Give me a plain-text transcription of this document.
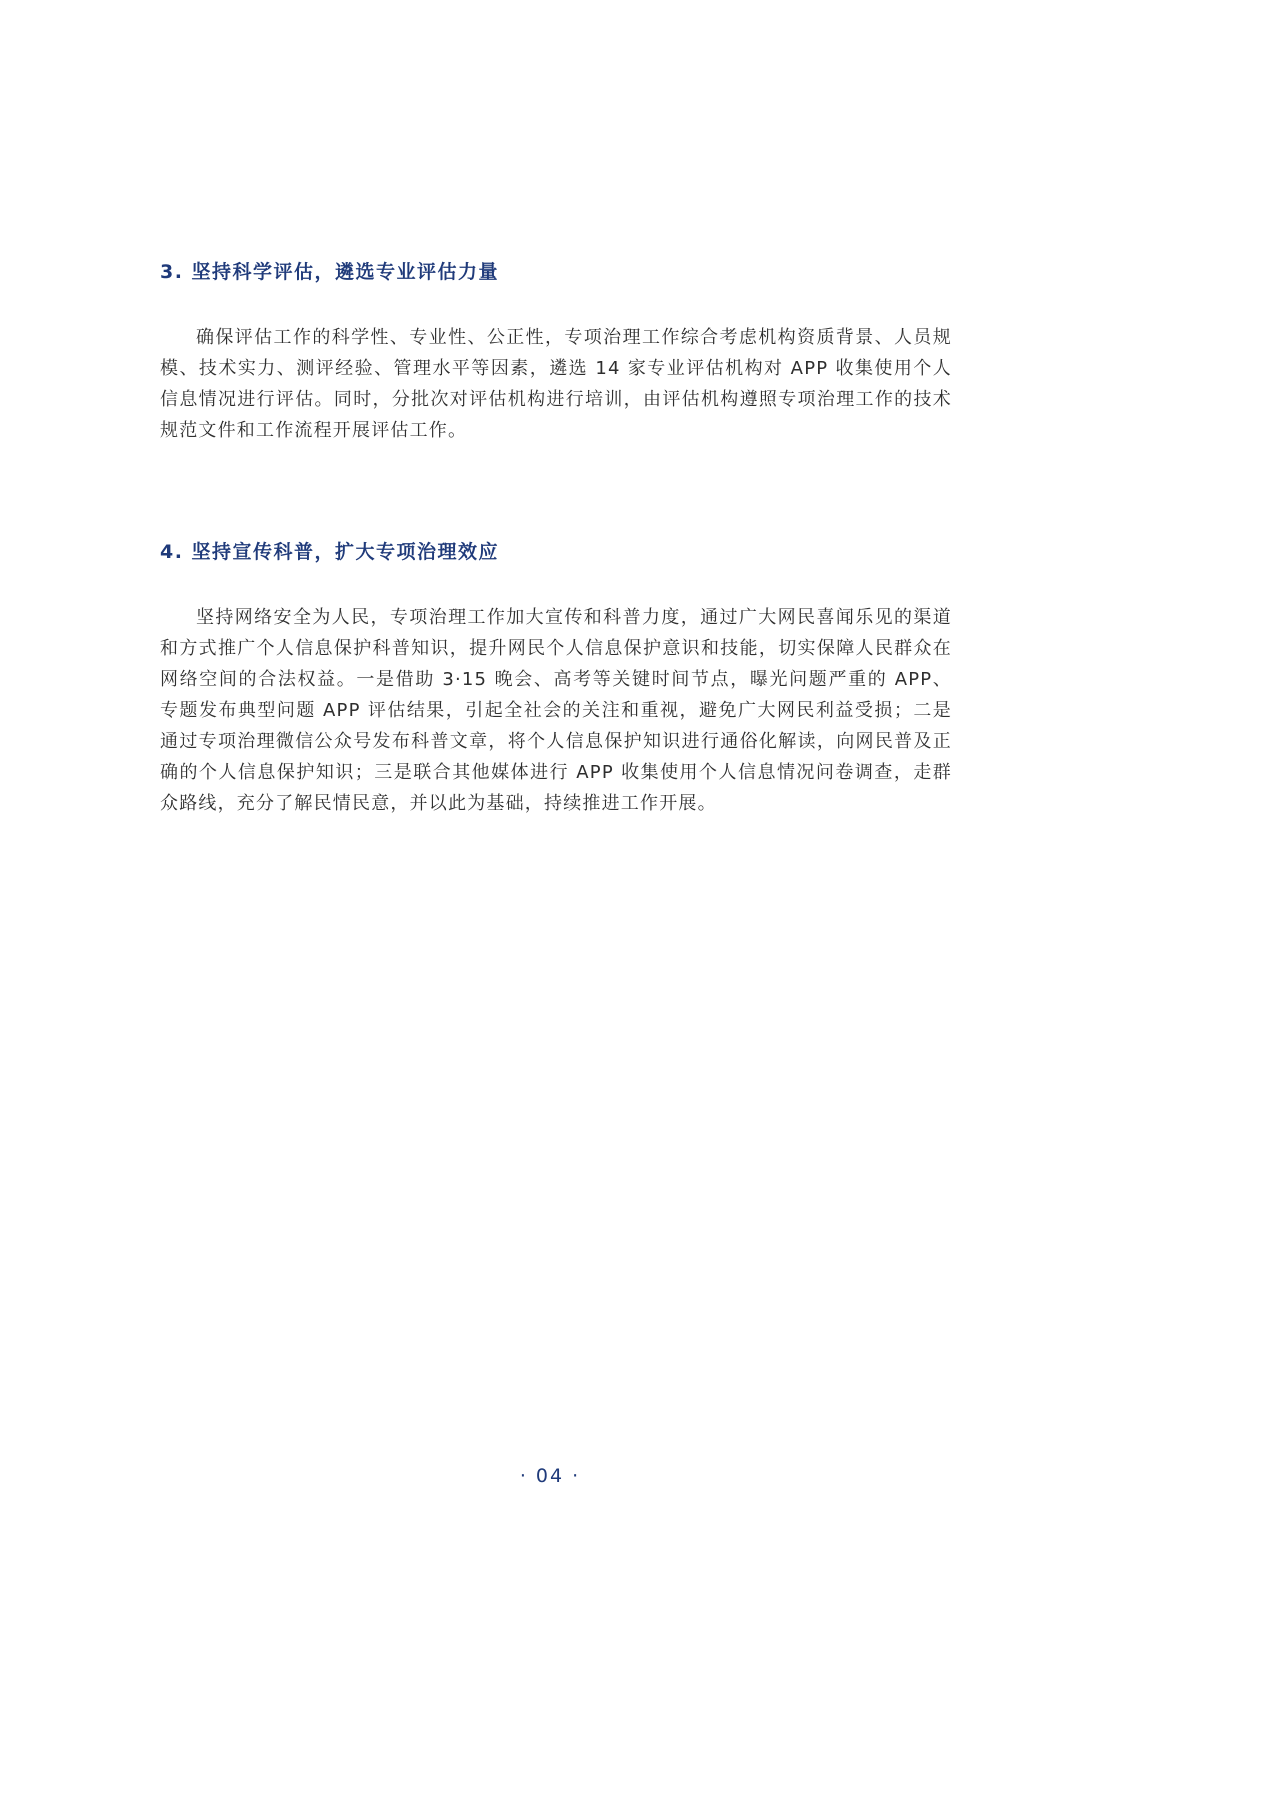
3. 坚持科学评估，遴选专业评估力量

确保评估工作的科学性、专业性、公正性，专项治理工作综合考虑机构资质背景、人员规模、技术实力、测评经验、管理水平等因素，遴选 14 家专业评估机构对 APP 收集使用个人信息情况进行评估。同时，分批次对评估机构进行培训，由评估机构遵照专项治理工作的技术规范文件和工作流程开展评估工作。

4. 坚持宣传科普，扩大专项治理效应

坚持网络安全为人民，专项治理工作加大宣传和科普力度，通过广大网民喜闻乐见的渠道和方式推广个人信息保护科普知识，提升网民个人信息保护意识和技能，切实保障人民群众在网络空间的合法权益。一是借助 3·15 晚会、高考等关键时间节点，曝光问题严重的 APP、专题发布典型问题 APP 评估结果，引起全社会的关注和重视，避免广大网民利益受损；二是通过专项治理微信公众号发布科普文章，将个人信息保护知识进行通俗化解读，向网民普及正确的个人信息保护知识；三是联合其他媒体进行 APP 收集使用个人信息情况问卷调查，走群众路线，充分了解民情民意，并以此为基础，持续推进工作开展。

· 04 ·
